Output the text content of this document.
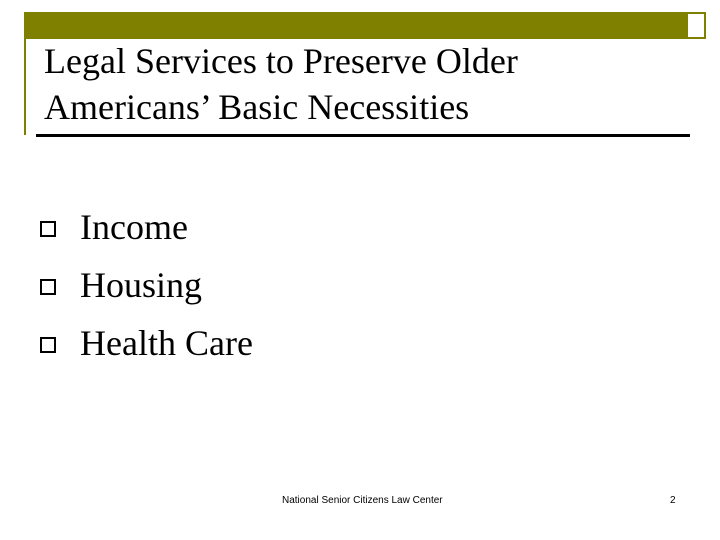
Legal Services to Preserve Older
Americans’ Basic Necessities
Income
Housing
Health Care
National Senior Citizens Law Center	2
